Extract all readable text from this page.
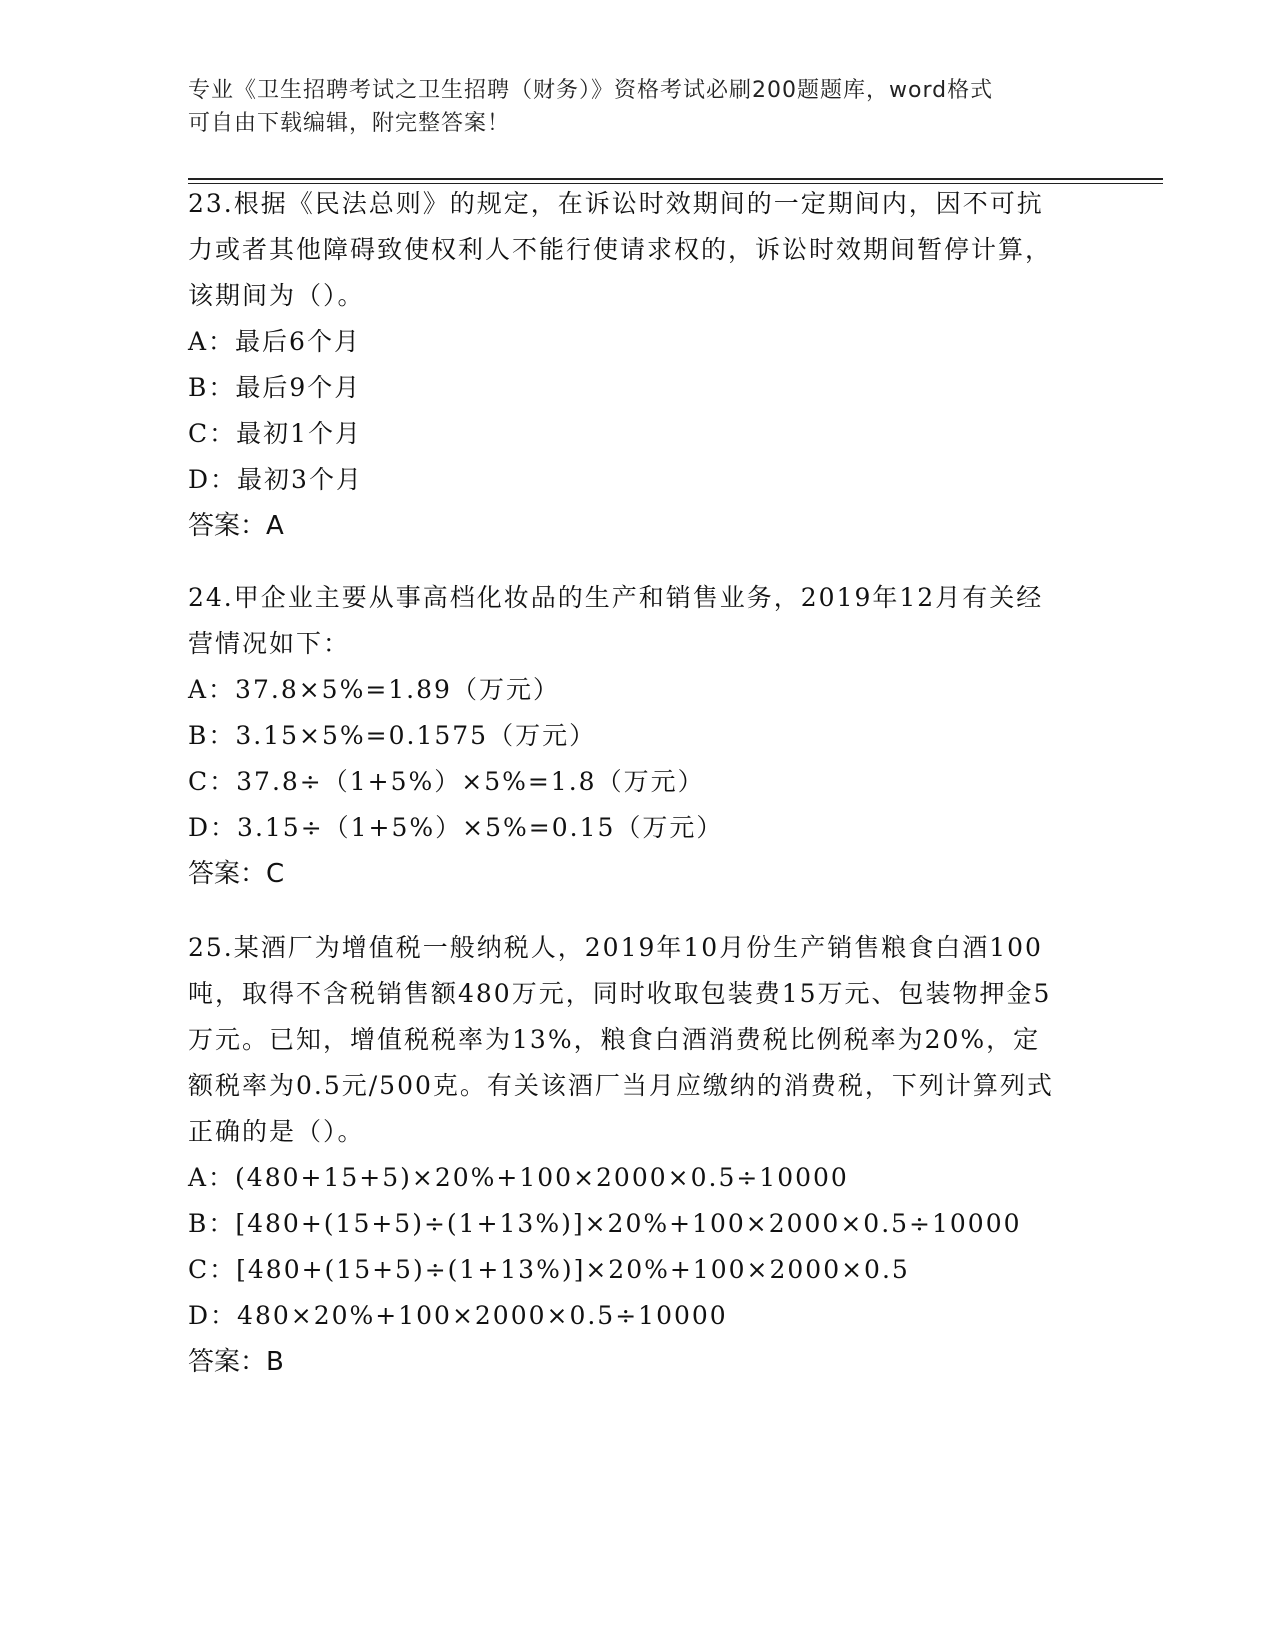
专业《卫生招聘考试之卫生招聘（财务）》资格考试必刷200题题库，word格式
可自由下载编辑，附完整答案！
23.根据《民法总则》的规定，在诉讼时效期间的一定期间内，因不可抗力或者其他障碍致使权利人不能行使请求权的，诉讼时效期间暂停计算，该期间为（）。
A：最后6个月
B：最后9个月
C：最初1个月
D：最初3个月
答案：A
24.甲企业主要从事高档化妆品的生产和销售业务，2019年12月有关经营情况如下：
A：37.8×5%=1.89（万元）
B：3.15×5%=0.1575（万元）
C：37.8÷（1+5%）×5%=1.8（万元）
D：3.15÷（1+5%）×5%=0.15（万元）
答案：C
25.某酒厂为增值税一般纳税人，2019年10月份生产销售粮食白酒100吨，取得不含税销售额480万元，同时收取包装费15万元、包装物押金5万元。已知，增值税税率为13%，粮食白酒消费税比例税率为20%，定额税率为0.5元/500克。有关该酒厂当月应缴纳的消费税，下列计算列式正确的是（）。
A：(480+15+5)×20%+100×2000×0.5÷10000
B：[480+(15+5)÷(1+13%)]×20%+100×2000×0.5÷10000
C：[480+(15+5)÷(1+13%)]×20%+100×2000×0.5
D：480×20%+100×2000×0.5÷10000
答案：B
